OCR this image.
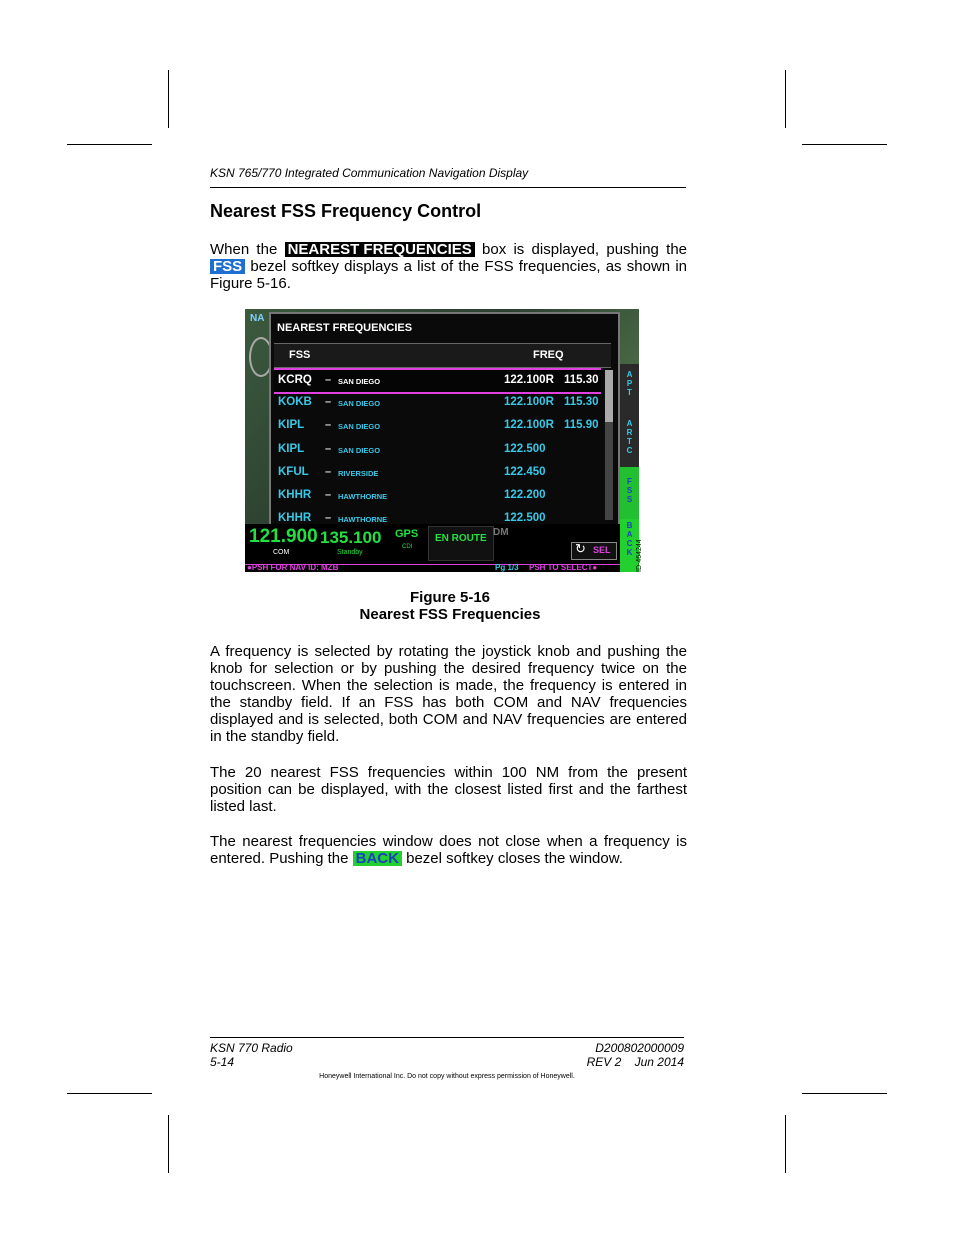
KSN 765/770 Integrated Communication Navigation Display
Nearest FSS Frequency Control
When the NEAREST FREQUENCIES box is displayed, pushing the FSS bezel softkey displays a list of the FSS frequencies, as shown in Figure 5-16.
NA
NEAREST FREQUENCIES
FSS	FREQ
KCRQ – SAN DIEGO	122.100R 115.30
KOKB – SAN DIEGO	122.100R 115.30
KIPL – SAN DIEGO	122.100R 115.90
KIPL – SAN DIEGO	122.500
KFUL – RIVERSIDE	122.450
KHHR – HAWTHORNE	122.200
KHHR – HAWTHORNE	122.500
A
P
T
A
R
T
C
F
S
S
B
A
C
K
121.900
COM
135.100
Standby
GPS
CDI
EN ROUTE
DM
↻ SEL
●PSH FOR NAV ID: MZB	Pg 1/3 PSH TO SELECT●	ID-464244
Figure 5-16
Nearest FSS Frequencies
A frequency is selected by rotating the joystick knob and pushing the knob for selection or by pushing the desired frequency twice on the touchscreen. When the selection is made, the frequency is entered in the standby field. If an FSS has both COM and NAV frequencies displayed and is selected, both COM and NAV frequencies are entered in the standby field.
The 20 nearest FSS frequencies within 100 NM from the present position can be displayed, with the closest listed first and the farthest listed last.
The nearest frequencies window does not close when a frequency is entered. Pushing the BACK bezel softkey closes the window.
KSN 770 Radio
5-14
D200802000009
REV 2    Jun 2014
Honeywell International Inc. Do not copy without express permission of Honeywell.
